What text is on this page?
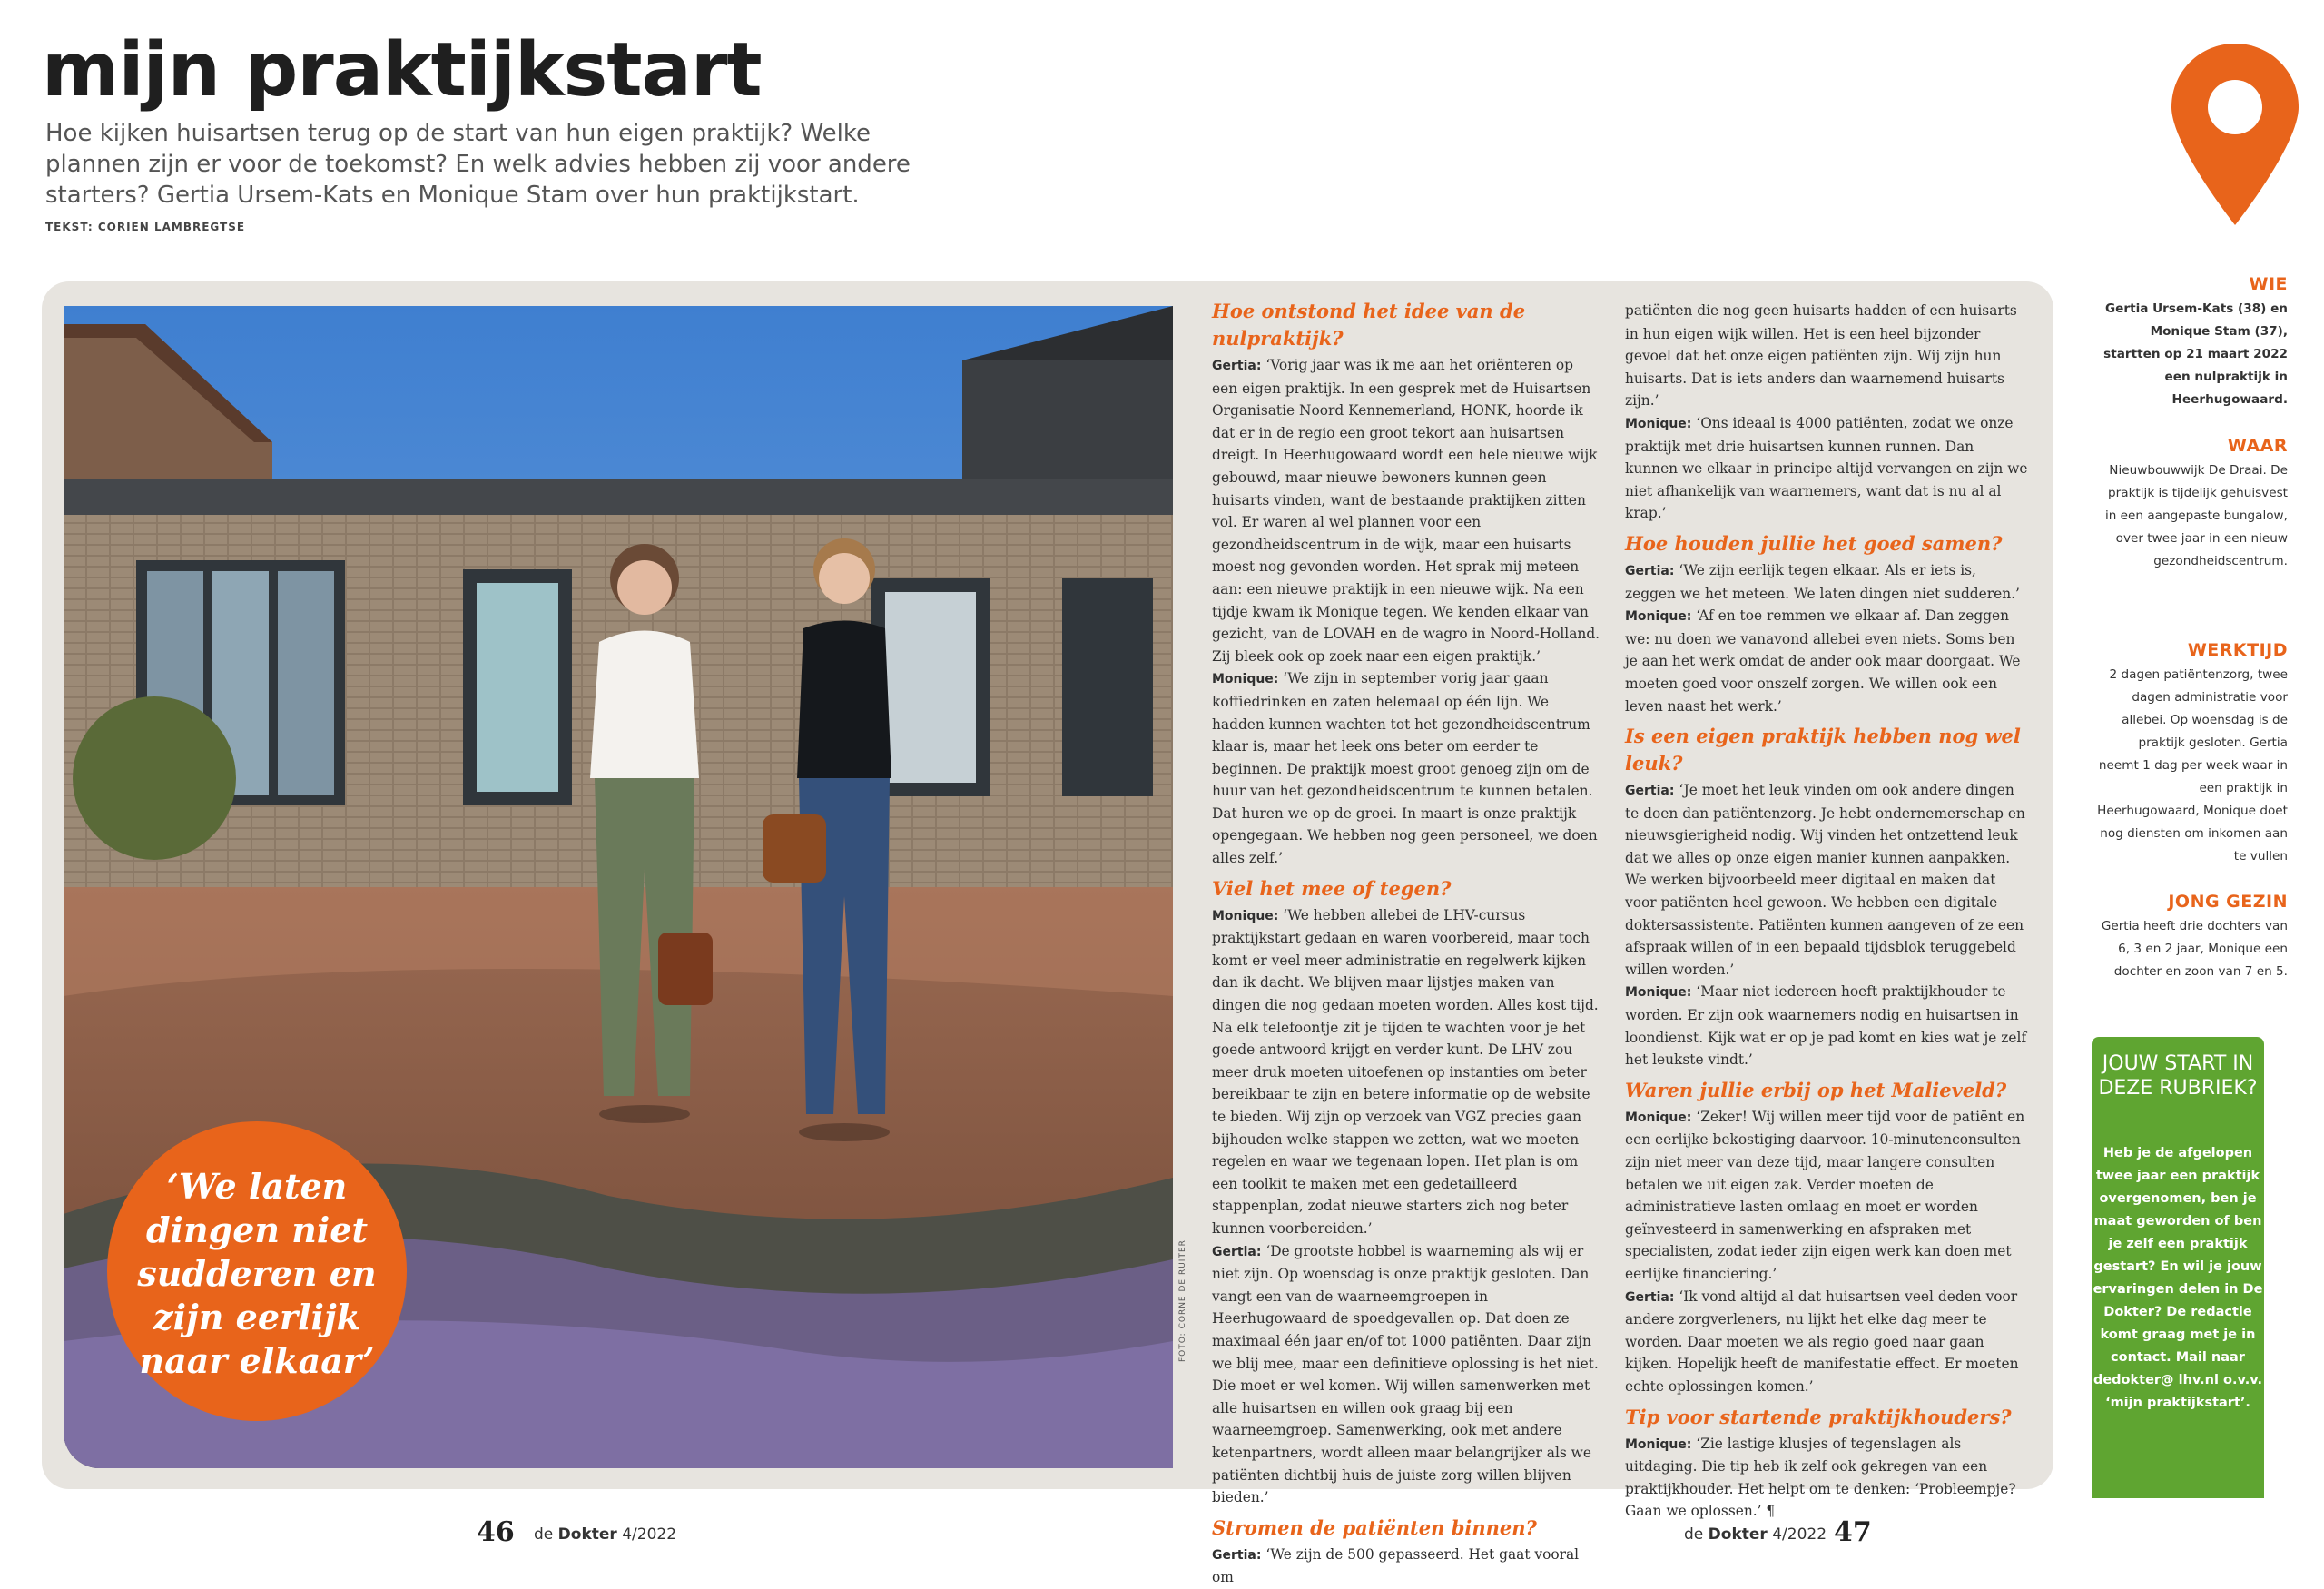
mijn praktijkstart
Hoe kijken huisartsen terug op de start van hun eigen praktijk? Welke plannen zijn er voor de toekomst? En welk advies hebben zij voor andere starters? Gertia Ursem-Kats en Monique Stam over hun praktijkstart.
TEKST: CORIEN LAMBREGTSE
FOTO: CORNE DE RUITER
‘We laten dingen niet sudderen en zijn eerlijk naar elkaar’
Hoe ontstond het idee van de nulpraktijk?

Gertia: ‘Vorig jaar was ik me aan het oriënteren op een eigen praktijk. In een gesprek met de Huisartsen Organisatie Noord Kennemerland, HONK, hoorde ik dat er in de regio een groot tekort aan huisartsen dreigt. In Heerhugowaard wordt een hele nieuwe wijk gebouwd, maar nieuwe bewoners kunnen geen huisarts vinden, want de bestaande praktijken zitten vol. Er waren al wel plannen voor een gezondheidscentrum in de wijk, maar een huisarts moest nog gevonden worden. Het sprak mij meteen aan: een nieuwe praktijk in een nieuwe wijk. Na een tijdje kwam ik Monique tegen. We kenden elkaar van gezicht, van de LOVAH en de wagro in Noord-Holland. Zij bleek ook op zoek naar een eigen praktijk.’

Monique: ‘We zijn in september vorig jaar gaan koffiedrinken en zaten helemaal op één lijn. We hadden kunnen wachten tot het gezondheidscentrum klaar is, maar het leek ons beter om eerder te beginnen. De praktijk moest groot genoeg zijn om de huur van het gezondheidscentrum te kunnen betalen. Dat huren we op de groei. In maart is onze praktijk opengegaan. We hebben nog geen personeel, we doen alles zelf.’

Viel het mee of tegen?

Monique: ‘We hebben allebei de LHV-cursus praktijkstart gedaan en waren voorbereid, maar toch komt er veel meer administratie en regelwerk kijken dan ik dacht. We blijven maar lijstjes maken van dingen die nog gedaan moeten worden. Alles kost tijd. Na elk telefoontje zit je tijden te wachten voor je het goede antwoord krijgt en verder kunt. De LHV zou meer druk moeten uitoefenen op instanties om beter bereikbaar te zijn en betere informatie op de website te bieden. Wij zijn op verzoek van VGZ precies gaan bijhouden welke stappen we zetten, wat we moeten regelen en waar we tegenaan lopen. Het plan is om een toolkit te maken met een gedetailleerd stappenplan, zodat nieuwe starters zich nog beter kunnen voorbereiden.’

Gertia: ‘De grootste hobbel is waarneming als wij er niet zijn. Op woensdag is onze praktijk gesloten. Dan vangt een van de waarneemgroepen in Heerhugowaard de spoedgevallen op. Dat doen ze maximaal één jaar en/of tot 1000 patiënten. Daar zijn we blij mee, maar een definitieve oplossing is het niet. Die moet er wel komen. Wij willen samenwerken met alle huisartsen en willen ook graag bij een waarneemgroep. Samenwerking, ook met andere ketenpartners, wordt alleen maar belangrijker als we patiënten dichtbij huis de juiste zorg willen blijven bieden.’

Stromen de patiënten binnen?

Gertia: ‘We zijn de 500 gepasseerd. Het gaat vooral om

patiënten die nog geen huisarts hadden of een huisarts in hun eigen wijk willen. Het is een heel bijzonder gevoel dat het onze eigen patiënten zijn. Wij zijn hun huisarts. Dat is iets anders dan waarnemend huisarts zijn.’

Monique: ‘Ons ideaal is 4000 patiënten, zodat we onze praktijk met drie huisartsen kunnen runnen. Dan kunnen we elkaar in principe altijd vervangen en zijn we niet afhankelijk van waarnemers, want dat is nu al al krap.’

Hoe houden jullie het goed samen?

Gertia: ‘We zijn eerlijk tegen elkaar. Als er iets is, zeggen we het meteen. We laten dingen niet sudderen.’

Monique: ‘Af en toe remmen we elkaar af. Dan zeggen we: nu doen we vanavond allebei even niets. Soms ben je aan het werk omdat de ander ook maar doorgaat. We moeten goed voor onszelf zorgen. We willen ook een leven naast het werk.’

Is een eigen praktijk hebben nog wel leuk?

Gertia: ‘Je moet het leuk vinden om ook andere dingen te doen dan patiëntenzorg. Je hebt ondernemerschap en nieuwsgierigheid nodig. Wij vinden het ontzettend leuk dat we alles op onze eigen manier kunnen aanpakken. We werken bijvoorbeeld meer digitaal en maken dat voor patiënten heel gewoon. We hebben een digitale doktersassistente. Patiënten kunnen aangeven of ze een afspraak willen of in een bepaald tijdsblok teruggebeld willen worden.’

Monique: ‘Maar niet iedereen hoeft praktijkhouder te worden. Er zijn ook waarnemers nodig en huisartsen in loondienst. Kijk wat er op je pad komt en kies wat je zelf het leukste vindt.’

Waren jullie erbij op het Malieveld?

Monique: ‘Zeker! Wij willen meer tijd voor de patiënt en een eerlijke bekostiging daarvoor. 10-minutenconsulten zijn niet meer van deze tijd, maar langere consulten betalen we uit eigen zak. Verder moeten de administratieve lasten omlaag en moet er worden geïnvesteerd in samenwerking en afspraken met specialisten, zodat ieder zijn eigen werk kan doen met eerlijke financiering.’

Gertia: ‘Ik vond altijd al dat huisartsen veel deden voor andere zorgverleners, nu lijkt het elke dag meer te worden. Daar moeten we als regio goed naar gaan kijken. Hopelijk heeft de manifestatie effect. Er moeten echte oplossingen komen.’

Tip voor startende praktijkhouders?

Monique: ‘Zie lastige klusjes of tegenslagen als uitdaging. Die tip heb ik zelf ook gekregen van een praktijkhouder. Het helpt om te denken: ‘Probleempje? Gaan we oplossen.’ ¶

WIE

Gertia Ursem-Kats (38) en Monique Stam (37), startten op 21 maart 2022 een nulpraktijk in Heerhugowaard.

WAAR

Nieuwbouwwijk De Draai. De praktijk is tijdelijk gehuisvest in een aangepaste bungalow, over twee jaar in een nieuw gezondheidscentrum.

WERKTIJD

2 dagen patiëntenzorg, twee dagen administratie voor allebei. Op woensdag is de praktijk gesloten. Gertia neemt 1 dag per week waar in een praktijk in Heerhugowaard, Monique doet nog diensten om inkomen aan te vullen

JONG GEZIN

Gertia heeft drie dochters van 6, 3 en 2 jaar, Monique een dochter en zoon van 7 en 5.

JOUW START IN DEZE RUBRIEK?
Heb je de afgelopen twee jaar een praktijk overgenomen, ben je maat geworden of ben je zelf een praktijk gestart? En wil je jouw ervaringen delen in De Dokter? De redactie komt graag met je in contact. Mail naar dedokter@ lhv.nl o.v.v. ‘mijn praktijkstart’.
46 de Dokter 4/2022	de Dokter 4/2022 47
